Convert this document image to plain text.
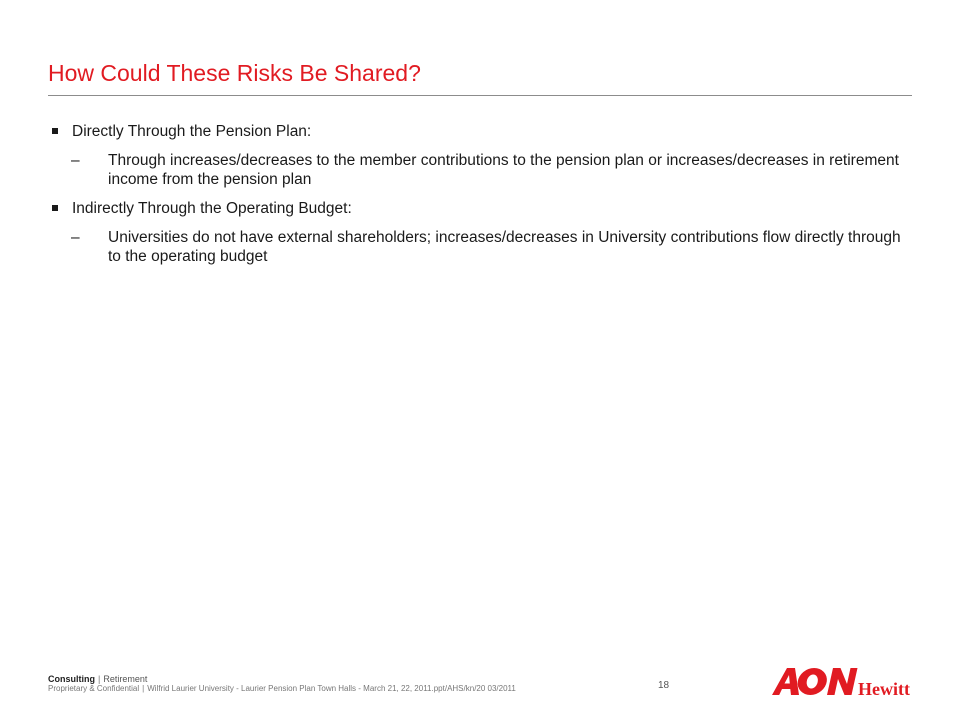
How Could These Risks Be Shared?
Directly Through the Pension Plan:
– Through increases/decreases to the member contributions to the pension plan or increases/decreases in retirement income from the pension plan
Indirectly Through the Operating Budget:
– Universities do not have external shareholders; increases/decreases in University contributions flow directly through to the operating budget
Consulting | Retirement
Proprietary & Confidential | Wilfrid Laurier University - Laurier Pension Plan Town Halls - March 21, 22, 2011.ppt/AHS/kn/20 03/2011	18	Hewitt
